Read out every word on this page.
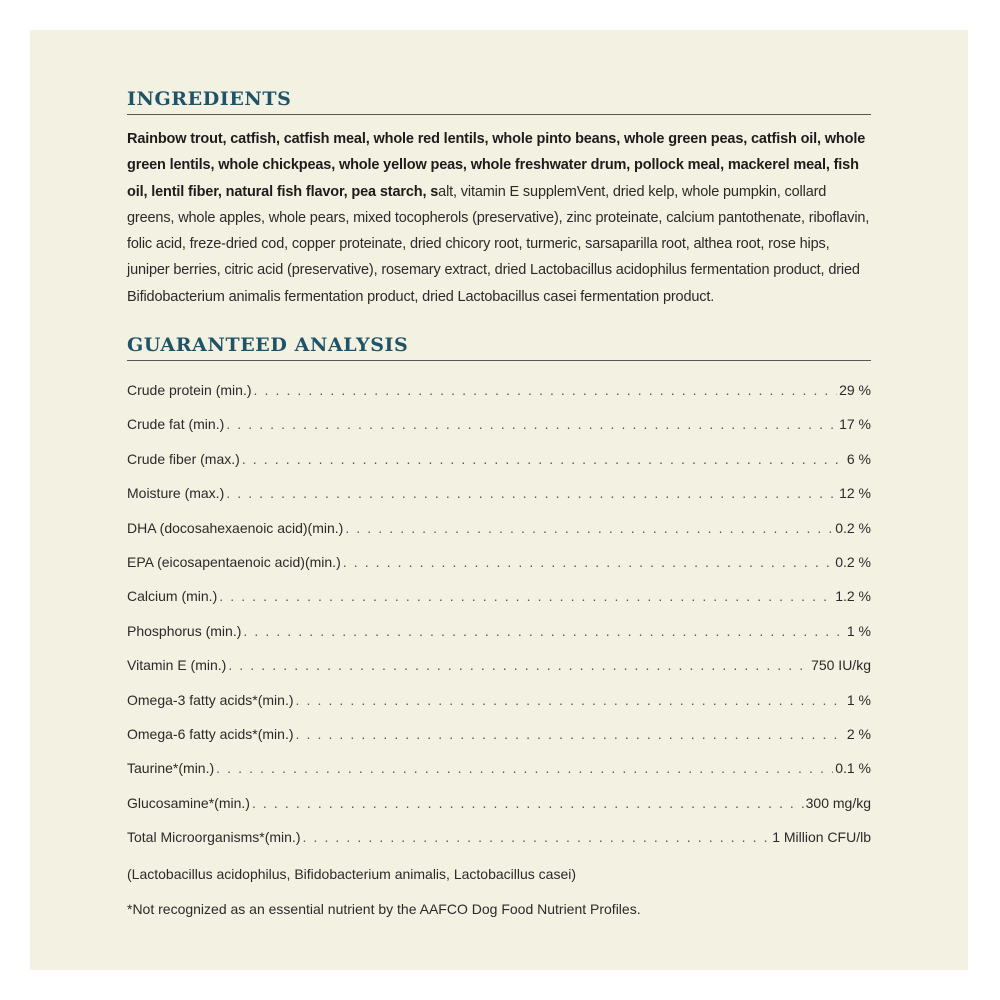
INGREDIENTS

Rainbow trout, catfish, catfish meal, whole red lentils, whole pinto beans, whole green peas, catfish oil, whole green lentils, whole chickpeas, whole yellow peas, whole freshwater drum, pollock meal, mackerel meal, fish oil, lentil fiber, natural fish flavor, pea starch, salt, vitamin E supplemVent, dried kelp, whole pumpkin, collard greens, whole apples, whole pears, mixed tocopherols (preservative), zinc proteinate, calcium pantothenate, riboflavin, folic acid, freze-dried cod, copper proteinate, dried chicory root, turmeric, sarsaparilla root, althea root, rose hips, juniper berries, citric acid (preservative), rosemary extract, dried Lactobacillus acidophilus fermentation product, dried Bifidobacterium animalis fermentation product, dried Lactobacillus casei fermentation product.

GUARANTEED ANALYSIS
Crude protein (min.) . . .	29 %
Crude fat (min.) . . .	17 %
Crude fiber (max.) . . .	6 %
Moisture (max.) . . .	12 %
DHA (docosahexaenoic acid)(min.) . . .	0.2 %
EPA (eicosapentaenoic acid)(min.) . . .	0.2 %
Calcium (min.) . . .	1.2 %
Phosphorus (min.) . . .	1 %
Vitamin E (min.) . . .	750 IU/kg
Omega-3 fatty acids*(min.) . . .	1 %
Omega-6 fatty acids*(min.) . . .	2 %
Taurine*(min.) . . .	0.1 %
Glucosamine*(min.) . . .	300 mg/kg
Total Microorganisms*(min.) . . .	1 Million CFU/lb

(Lactobacillus acidophilus, Bifidobacterium animalis, Lactobacillus casei)

*Not recognized as an essential nutrient by the AAFCO Dog Food Nutrient Profiles.
